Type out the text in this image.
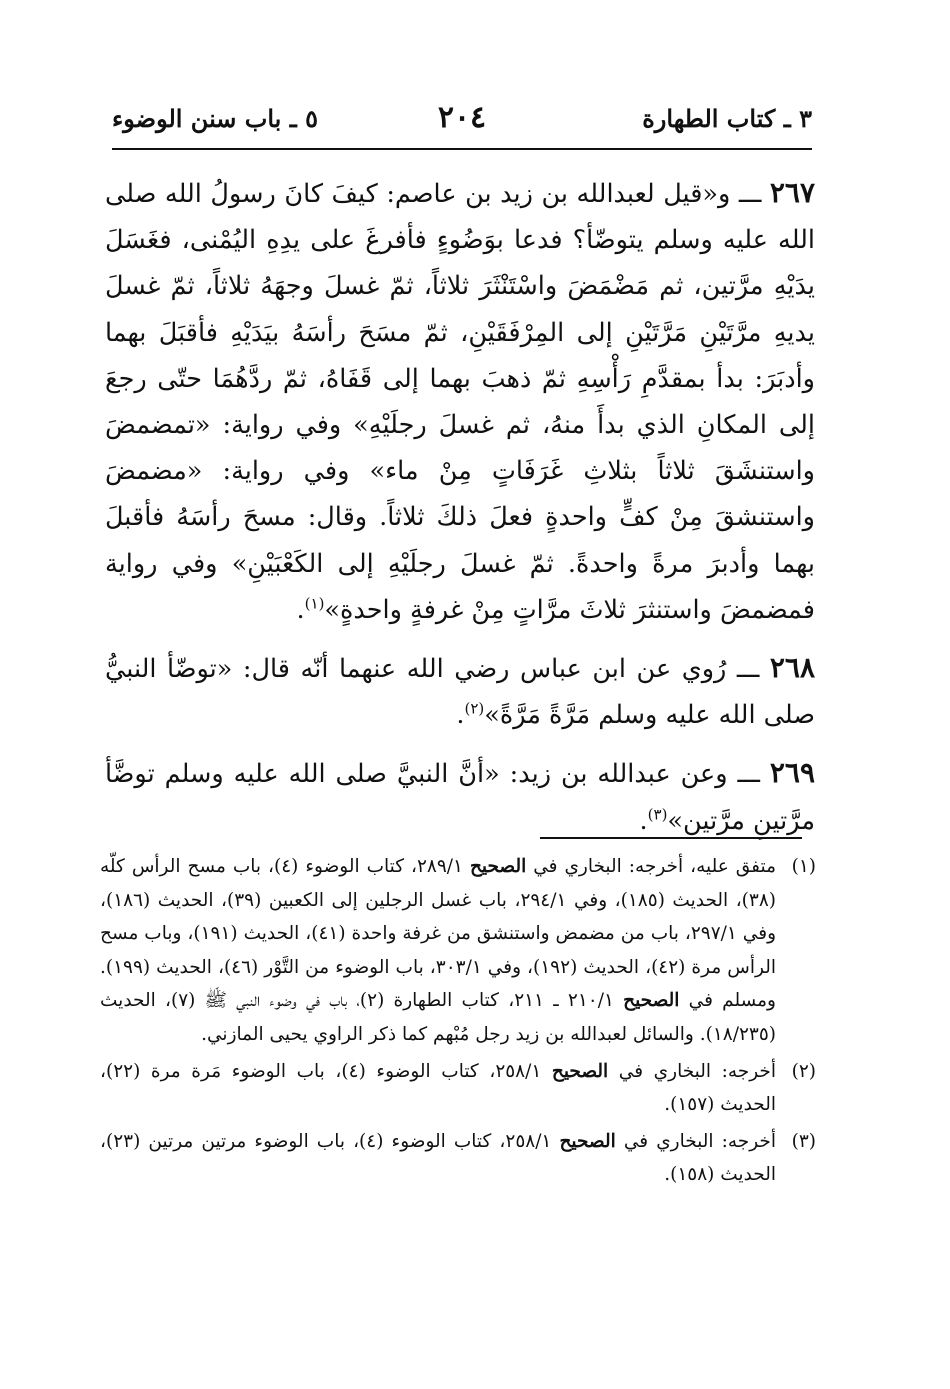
٣ ـ كتاب الطهارة
٢٠٤
٥ ـ باب سنن الوضوء

٢٦٧ ـــ و«قيل لعبدالله بن زيد بن عاصم: كيفَ كانَ رسولُ الله صلى الله عليه وسلم يتوضّأ؟ فدعا بوَضُوءٍ فأفرغَ على يدِهِ اليُمْنى، فغَسَلَ يدَيْهِ مرَّتين، ثم مَضْمَضَ واسْتَنْثَرَ ثلاثاً، ثمّ غسلَ وجهَهُ ثلاثاً، ثمّ غسلَ يديهِ مرَّتَيْنِ مَرَّتَيْنِ إلى المِرْفَقَيْنِ، ثمّ مسَحَ رأسَهُ بيَدَيْهِ فأقبَلَ بهما وأدبَرَ: بدأ بمقدَّمِ رَأْسِهِ ثمّ ذهبَ بهما إلى قَفَاهُ، ثمّ ردَّهُمَا حتّى رجعَ إلى المكانِ الذي بدأَ منهُ، ثم غسلَ رجلَيْهِ» وفي رواية: «تمضمضَ واستنشَقَ ثلاثاً بثلاثِ غَرَفَاتٍ مِنْ ماء» وفي رواية: «مضمضَ واستنشقَ مِنْ كفٍّ واحدةٍ فعلَ ذلكَ ثلاثاً. وقال: مسحَ رأسَهُ فأقبلَ بهما وأدبرَ مرةً واحدةً. ثمّ غسلَ رجلَيْهِ إلى الكَعْبَيْنِ» وفي رواية فمضمضَ واستنثرَ ثلاثَ مرَّاتٍ مِنْ غرفةٍ واحدةٍ»$^{(١)}$.

٢٦٨ ـــ رُوي عن ابن عباس رضي الله عنهما أنّه قال: «توضّأ النبيُّ صلى الله عليه وسلم مَرَّةً مَرَّةً»$^{(٢)}$.

٢٦٩ ـــ وعن عبدالله بن زيد: «أنَّ النبيَّ صلى الله عليه وسلم توضَّأ مرَّتينِ مرَّتين»$^{(٣)}$.

(١)
متفق عليه، أخرجه: البخاري في الصحيح ٢٨٩/١، كتاب الوضوء (٤)، باب مسح الرأس كلّه (٣٨)، الحديث (١٨٥)، وفي ٢٩٤/١، باب غسل الرجلين إلى الكعبين (٣٩)، الحديث (١٨٦)، وفي ٢٩٧/١، باب من مضمض واستنشق من غرفة واحدة (٤١)، الحديث (١٩١)، وباب مسح الرأس مرة (٤٢)، الحديث (١٩٢)، وفي ٣٠٣/١، باب الوضوء من التَّوْر (٤٦)، الحديث (١٩٩). ومسلم في الصحيح ٢١٠/١ ـ ٢١١، كتاب الطهارة (٢)، باب في وضوء النبي ﷺ (٧)، الحديث (١٨/٢٣٥). والسائل لعبدالله بن زيد رجل مُبْهم كما ذكر الراوي يحيى المازني.

(٢)
أخرجه: البخاري في الصحيح ٢٥٨/١، كتاب الوضوء (٤)، باب الوضوء مَرة مرة (٢٢)، الحديث (١٥٧).

(٣)
أخرجه: البخاري في الصحيح ٢٥٨/١، كتاب الوضوء (٤)، باب الوضوء مرتين مرتين (٢٣)، الحديث (١٥٨).
